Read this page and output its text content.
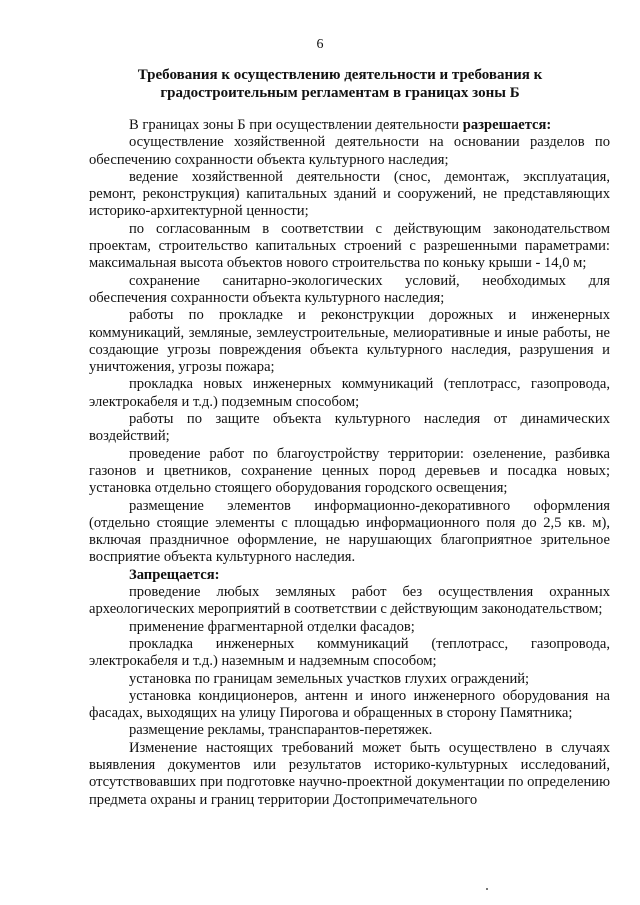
6
Требования к осуществлению деятельности и требования к
градостроительным регламентам в границах зоны Б

В границах зоны Б при осуществлении деятельности разрешается:

осуществление хозяйственной деятельности на основании разделов по обеспечению сохранности объекта культурного наследия;

ведение хозяйственной деятельности (снос, демонтаж, эксплуатация, ремонт, реконструкция) капитальных зданий и сооружений, не представляющих историко-архитектурной ценности;

по согласованным в соответствии с действующим законодательством проектам, строительство капитальных строений с разрешенными параметрами: максимальная высота объектов нового строительства по коньку крыши - 14,0 м;

сохранение санитарно-экологических условий, необходимых для обеспечения сохранности объекта культурного наследия;

работы по прокладке и реконструкции дорожных и инженерных коммуникаций, земляные, землеустроительные, мелиоративные и иные работы, не создающие угрозы повреждения объекта культурного наследия, разрушения и уничтожения, угрозы пожара;

прокладка новых инженерных коммуникаций (теплотрасс, газопровода, электрокабеля и т.д.) подземным способом;

работы по защите объекта культурного наследия от динамических воздействий;

проведение работ по благоустройству территории: озеленение, разбивка газонов и цветников, сохранение ценных пород деревьев и посадка новых; установка отдельно стоящего оборудования городского освещения;

размещение элементов информационно-декоративного оформления (отдельно стоящие элементы с площадью информационного поля до 2,5 кв. м), включая праздничное оформление, не нарушающих благоприятное зрительное восприятие объекта культурного наследия.

Запрещается:

проведение любых земляных работ без осуществления охранных археологических мероприятий в соответствии с действующим законодательством;

применение фрагментарной отделки фасадов;

прокладка инженерных коммуникаций (теплотрасс, газопровода, электрокабеля и т.д.) наземным и надземным способом;

установка по границам земельных участков глухих ограждений;

установка кондиционеров, антенн и иного инженерного оборудования на фасадах, выходящих на улицу Пирогова и обращенных в сторону Памятника;

размещение рекламы, транспарантов-перетяжек.

Изменение настоящих требований может быть осуществлено в случаях выявления документов или результатов историко-культурных исследований, отсутствовавших при подготовке научно-проектной документации по определению предмета охраны и границ территории Достопримечательного
